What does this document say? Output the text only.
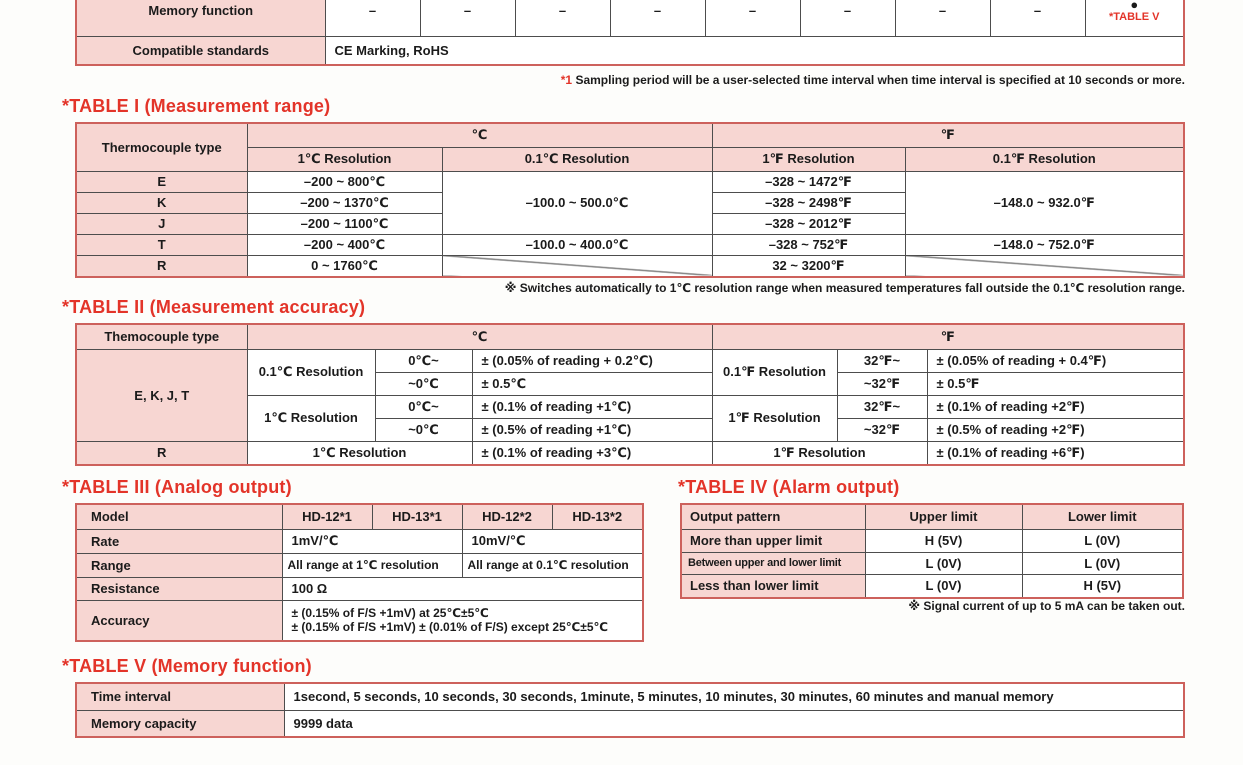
Memory function	–	–	–	–	–	–	–	–	●
*TABLE V

Compatible standards	CE Marking, RoHS								
*1 Sampling period will be a user-selected time interval when time interval is specified at 10 seconds or more.
*TABLE I (Measurement range)
Thermocouple type	℃		℉	
	1℃ Resolution	0.1℃ Resolution	1℉ Resolution	0.1℉ Resolution
E	–200 ~ 800℃	–100.0 ~ 500.0℃	–328 ~ 1472℉	–148.0 ~ 932.0℉
K	–200 ~ 1370℃		–328 ~ 2498℉	
J	–200 ~ 1100℃		–328 ~ 2012℉	
T	–200 ~ 400℃	–100.0 ~ 400.0℃	–328 ~ 752℉	–148.0 ~ 752.0℉
R	0 ~ 1760℃		32 ~ 3200℉	
※ Switches automatically to 1℃ resolution range when measured temperatures fall outside the 0.1℃ resolution range.
*TABLE II (Measurement accuracy)
Themocouple type	℃			℉		
E, K, J, T	0.1℃ Resolution	0℃~	± (0.05% of reading + 0.2℃)	0.1℉ Resolution	32℉~	± (0.05% of reading + 0.4℉)
		~0℃	± 0.5℃		~32℉	± 0.5℉
	1℃ Resolution	0℃~	± (0.1% of reading +1℃)	1℉ Resolution	32℉~	± (0.1% of reading +2℉)
		~0℃	± (0.5% of reading +1℃)		~32℉	± (0.5% of reading +2℉)
R	1℃ Resolution		± (0.1% of reading +3℃)	1℉ Resolution		± (0.1% of reading +6℉)
*TABLE III (Analog output)
Model	HD-12*1	HD-13*1	HD-12*2	HD-13*2
Rate	1mV/℃		10mV/℃	
Range	All range at 1℃ resolution		All range at 0.1℃ resolution	
Resistance	100 Ω			
Accuracy	± (0.15% of F/S +1mV) at 25℃±5℃
± (0.15% of F/S +1mV) ± (0.01% of F/S) except 25℃±5℃			
*TABLE IV (Alarm output)
Output pattern	Upper limit	Lower limit
More than upper limit	H (5V)	L (0V)
Between upper and lower limit	L (0V)	L (0V)
Less than lower limit	L (0V)	H (5V)
※ Signal current of up to 5 mA can be taken out.
*TABLE V (Memory function)
Time interval	1second, 5 seconds, 10 seconds, 30 seconds, 1minute, 5 minutes, 10 minutes, 30 minutes, 60 minutes and manual memory
Memory capacity	9999 data
